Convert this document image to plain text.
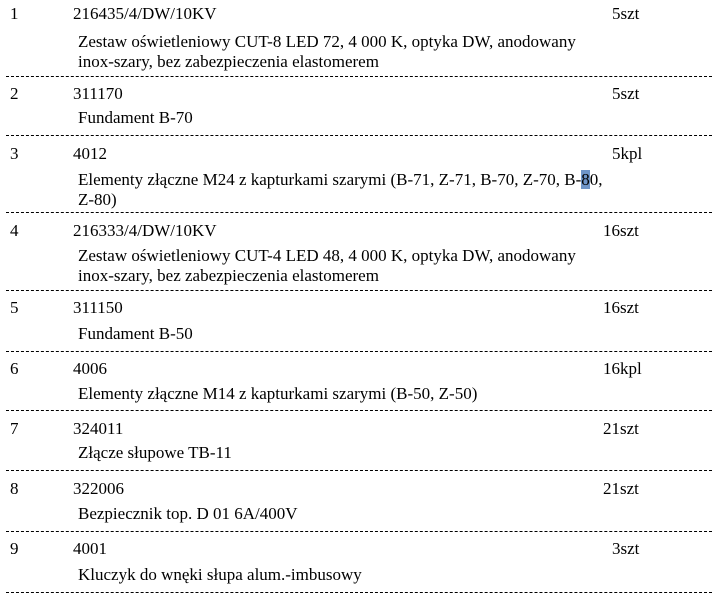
1	216435/4/DW/10KV	5szt
Zestaw oświetleniowy CUT-8 LED 72, 4 000 K, optyka DW, anodowany
inox-szary, bez zabezpieczenia elastomerem
2	311170	5szt
Fundament B-70
3	4012	5kpl
Elementy złączne M24 z kapturkami szarymi (B-71, Z-71, B-70, Z-70, B-80,
Z-80)
4	216333/4/DW/10KV	16szt
Zestaw oświetleniowy CUT-4 LED 48, 4 000 K, optyka DW, anodowany
inox-szary, bez zabezpieczenia elastomerem
5	311150	16szt
Fundament B-50
6	4006	16kpl
Elementy złączne M14 z kapturkami szarymi (B-50, Z-50)
7	324011	21szt
Złącze słupowe TB-11
8	322006	21szt
Bezpiecznik top. D 01 6A/400V
9	4001	3szt
Kluczyk do wnęki słupa alum.-imbusowy
